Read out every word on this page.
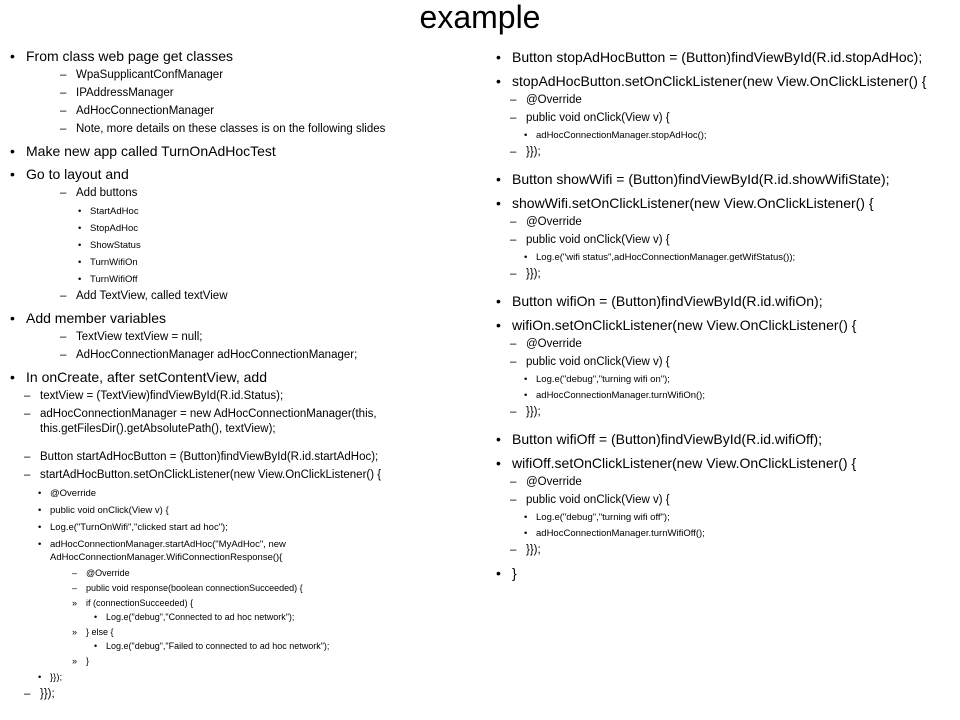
example
• From class web page get classes
– WpaSupplicantConfManager
– IPAddressManager
– AdHocConnectionManager
– Note, more details on these classes is on the following slides
• Make new app called TurnOnAdHocTest
• Go to layout and
– Add buttons
• StartAdHoc
• StopAdHoc
• ShowStatus
• TurnWifiOn
• TurnWifiOff
– Add TextView, called textView
• Add member variables
– TextView textView = null;
– AdHocConnectionManager adHocConnectionManager;
• In onCreate, after setContentView, add
– textView = (TextView)findViewById(R.id.Status);
– adHocConnectionManager = new AdHocConnectionManager(this, this.getFilesDir().getAbsolutePath(), textView);
– Button startAdHocButton = (Button)findViewById(R.id.startAdHoc);
– startAdHocButton.setOnClickListener(new View.OnClickListener() {
• @Override
• public void onClick(View v) {
• Log.e("TurnOnWifi","clicked start ad hoc");
• adHocConnectionManager.startAdHoc("MyAdHoc", new AdHocConnectionManager.WifiConnectionResponse(){
– @Override
– public void response(boolean connectionSucceeded) {
» if (connectionSucceeded) {
• Log.e("debug","Connected to ad hoc network");
» } else {
• Log.e("debug","Failed to connected to ad hoc network");
» }
• }});
– }});
• Button stopAdHocButton = (Button)findViewById(R.id.stopAdHoc);
• stopAdHocButton.setOnClickListener(new View.OnClickListener() {
– @Override
– public void onClick(View v) {
• adHocConnectionManager.stopAdHoc();
– }});
• Button showWifi = (Button)findViewById(R.id.showWifiState);
• showWifi.setOnClickListener(new View.OnClickListener() {
– @Override
– public void onClick(View v) {
• Log.e("wifi status",adHocConnectionManager.getWifStatus());
– }});
• Button wifiOn = (Button)findViewById(R.id.wifiOn);
• wifiOn.setOnClickListener(new View.OnClickListener() {
– @Override
– public void onClick(View v) {
• Log.e("debug","turning wifi on");
• adHocConnectionManager.turnWifiOn();
– }});
• Button wifiOff = (Button)findViewById(R.id.wifiOff);
• wifiOff.setOnClickListener(new View.OnClickListener() {
– @Override
– public void onClick(View v) {
• Log.e("debug","turning wifi off");
• adHocConnectionManager.turnWifiOff();
– }});
• }
